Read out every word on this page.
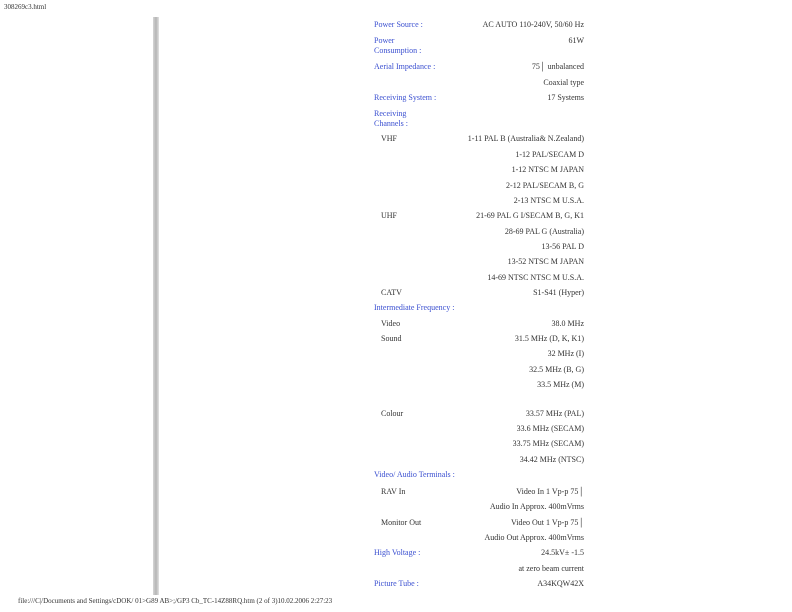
308269c3.html
Power Source :	AC AUTO 110-240V, 50/60 Hz
Power	61W
Consumption :
Aerial Impedance :	75│ unbalanced
Coaxial type
Receiving System :	17 Systems
Receiving
Channels :
VHF	1-11 PAL B (Australia& N.Zealand)
1-12 PAL/SECAM D
1-12 NTSC M JAPAN
2-12 PAL/SECAM B, G
2-13 NTSC M U.S.A.
UHF	21-69 PAL G I/SECAM B, G, K1
28-69 PAL G (Australia)
13-56 PAL D
13-52 NTSC M JAPAN
14-69 NTSC NTSC M U.S.A.
CATV	S1-S41 (Hyper)
Intermediate Frequency :
Video	38.0 MHz
Sound	31.5 MHz (D, K, K1)
32 MHz (I)
32.5 MHz (B, G)
33.5 MHz (M)
Colour	33.57 MHz (PAL)
33.6 MHz (SECAM)
33.75 MHz (SECAM)
34.42 MHz (NTSC)
Video/ Audio Terminals :
RAV In	Video In 1 Vp-p 75│
Audio In Approx. 400mVrms
Monitor Out	Video Out 1 Vp-p 75│
Audio Out Approx. 400mVrms
High Voltage :	24.5kV± -1.5
at zero beam current
Picture Tube :	A34KQW42X
file:///C|/Documents and Settings/cDOK/ 01>G89 AB>;/GP3 Cb_TC-14Z88RQ.htm (2 of 3)10.02.2006 2:27:23
